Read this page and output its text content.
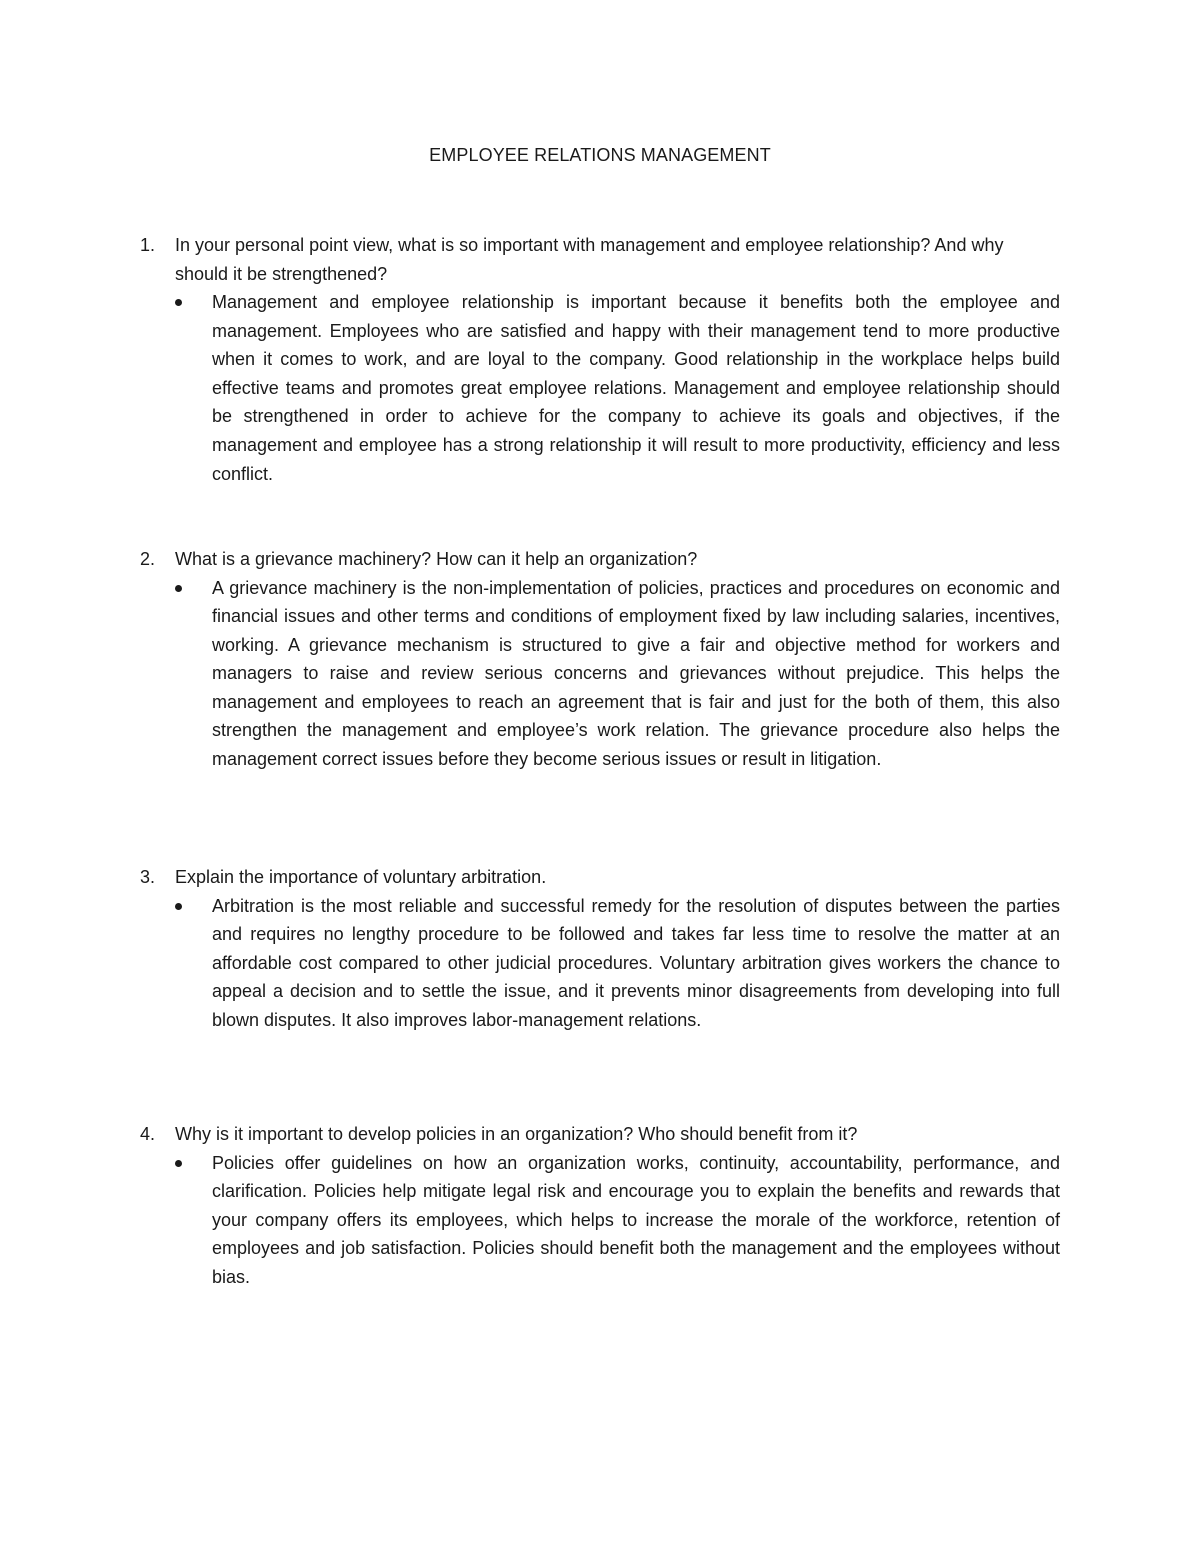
EMPLOYEE RELATIONS MANAGEMENT
1.	In your personal point view, what is so important with management and employee relationship? And why should it be strengthened?
Management and employee relationship is important because it benefits both the employee and management. Employees who are satisfied and happy with their management tend to more productive when it comes to work, and are loyal to the company. Good relationship in the workplace helps build effective teams and promotes great employee relations. Management and employee relationship should be strengthened in order to achieve for the company to achieve its goals and objectives, if the management and employee has a strong relationship it will result to more productivity, efficiency and less conflict.
2.	What is a grievance machinery? How can it help an organization?
A grievance machinery is the non-implementation of policies, practices and procedures on economic and financial issues and other terms and conditions of employment fixed by law including salaries, incentives, working. A grievance mechanism is structured to give a fair and objective method for workers and managers to raise and review serious concerns and grievances without prejudice. This helps the management and employees to reach an agreement that is fair and just for the both of them, this also strengthen the management and employee’s work relation. The grievance procedure also helps the management correct issues before they become serious issues or result in litigation.
3.	Explain the importance of voluntary arbitration.
Arbitration is the most reliable and successful remedy for the resolution of disputes between the parties and requires no lengthy procedure to be followed and takes far less time to resolve the matter at an affordable cost compared to other judicial procedures. Voluntary arbitration gives workers the chance to appeal a decision and to settle the issue, and it prevents minor disagreements from developing into full blown disputes. It also improves labor-management relations.
4.	Why is it important to develop policies in an organization? Who should benefit from it?
Policies offer guidelines on how an organization works, continuity, accountability, performance, and clarification. Policies help mitigate legal risk and encourage you to explain the benefits and rewards that your company offers its employees, which helps to increase the morale of the workforce, retention of employees and job satisfaction. Policies should benefit both the management and the employees without bias.
